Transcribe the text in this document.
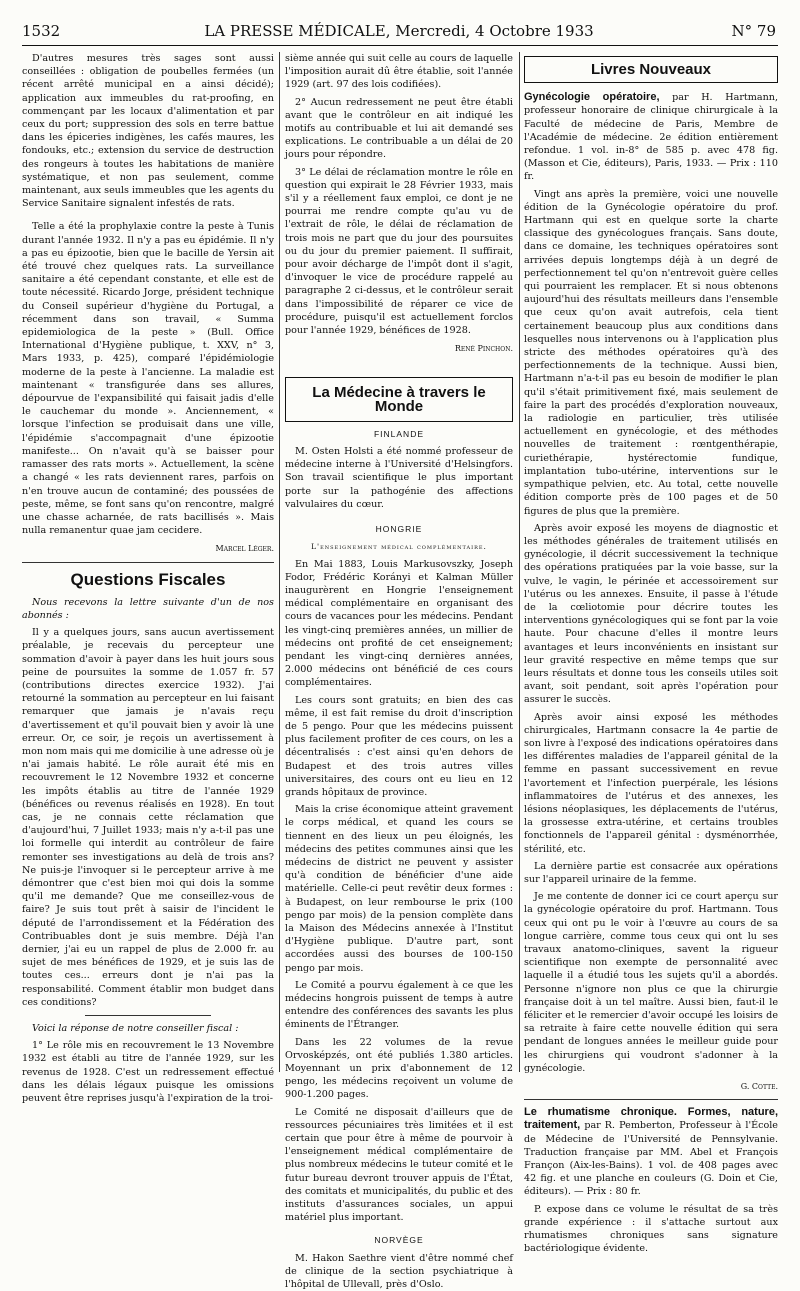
1532	LA PRESSE MÉDICALE, Mercredi, 4 Octobre 1933	N° 79

D'autres mesures très sages sont aussi conseillées : obligation de poubelles fermées (un récent arrêté municipal en a ainsi décidé); application aux immeubles du rat-proofing, en commençant par les locaux d'alimentation et par ceux du port; suppression des sols en terre battue dans les épiceries indigènes, les cafés maures, les fondouks, etc.; extension du service de destruction des rongeurs à toutes les habitations de manière systématique, et non pas seulement, comme maintenant, aux seuls immeubles que les agents du Service Sanitaire signalent infestés de rats.

Telle a été la prophylaxie contre la peste à Tunis durant l'année 1932. Il n'y a pas eu épidémie. Il n'y a pas eu épizootie, bien que le bacille de Yersin ait été trouvé chez quelques rats. La surveillance sanitaire a été cependant constante, et elle est de toute nécessité. Ricardo Jorge, président technique du Conseil supérieur d'hygiène du Portugal, a récemment dans son travail, « Summa epidemiologica de la peste » (Bull. Office International d'Hygiène publique, t. XXV, n° 3, Mars 1933, p. 425), comparé l'épidémiologie moderne de la peste à l'ancienne. La maladie est maintenant « transfigurée dans ses allures, dépourvue de l'expansibilité qui faisait jadis d'elle le cauchemar du monde ». Anciennement, « lorsque l'infection se produisait dans une ville, l'épidémie s'accompagnait d'une épizootie manifeste... On n'avait qu'à se baisser pour ramasser des rats morts ». Actuellement, la scène a changé « les rats deviennent rares, parfois on n'en trouve aucun de contaminé; des poussées de peste, même, se font sans qu'on rencontre, malgré une chasse acharnée, de rats bacillisés ». Mais nulla remanentur quae jam cecidere.

Marcel Léger.
Questions Fiscales

Nous recevons la lettre suivante d'un de nos abonnés :

Il y a quelques jours, sans aucun avertissement préalable, je recevais du percepteur une sommation d'avoir à payer dans les huit jours sous peine de poursuites la somme de 1.057 fr. 57 (contributions directes exercice 1932). J'ai retourné la sommation au percepteur en lui faisant remarquer que jamais je n'avais reçu d'avertissement et qu'il pouvait bien y avoir là une erreur. Or, ce soir, je reçois un avertissement à mon nom mais qui me domicilie à une adresse où je n'ai jamais habité. Le rôle aurait été mis en recouvrement le 12 Novembre 1932 et concerne les impôts établis au titre de l'année 1929 (bénéfices ou revenus réalisés en 1928). En tout cas, je ne connais cette réclamation que d'aujourd'hui, 7 Juillet 1933; mais n'y a-t-il pas une loi formelle qui interdit au contrôleur de faire remonter ses investigations au delà de trois ans? Ne puis-je l'invoquer si le percepteur arrive à me démontrer que c'est bien moi qui dois la somme qu'il me demande? Que me conseillez-vous de faire? Je suis tout prêt à saisir de l'incident le député de l'arrondissement et la Fédération des Contribuables dont je suis membre. Déjà l'an dernier, j'ai eu un rappel de plus de 2.000 fr. au sujet de mes bénéfices de 1929, et je suis las de toutes ces... erreurs dont je n'ai pas la responsabilité. Comment établir mon budget dans ces conditions?

Voici la réponse de notre conseiller fiscal :

1° Le rôle mis en recouvrement le 13 Novembre 1932 est établi au titre de l'année 1929, sur les revenus de 1928. C'est un redressement effectué dans les délais légaux puisque les omissions peuvent être reprises jusqu'à l'expiration de la troi-

sième année qui suit celle au cours de laquelle l'imposition aurait dû être établie, soit l'année 1929 (art. 97 des lois codifiées).

2° Aucun redressement ne peut être établi avant que le contrôleur en ait indiqué les motifs au contribuable et lui ait demandé ses explications. Le contribuable a un délai de 20 jours pour répondre.

3° Le délai de réclamation montre le rôle en question qui expirait le 28 Février 1933, mais s'il y a réellement faux emploi, ce dont je ne pourrai me rendre compte qu'au vu de l'extrait de rôle, le délai de réclamation de trois mois ne part que du jour des poursuites ou du jour du premier paiement. Il suffirait, pour avoir décharge de l'impôt dont il s'agit, d'invoquer le vice de procédure rappelé au paragraphe 2 ci-dessus, et le contrôleur serait dans l'impossibilité de réparer ce vice de procédure, puisqu'il est actuellement forclos pour l'année 1929, bénéfices de 1928.

René Pinchon.
La Médecine à travers le Monde
FINLANDE

M. Osten Holsti a été nommé professeur de médecine interne à l'Université d'Helsingfors. Son travail scientifique le plus important porte sur la pathogénie des affections valvulaires du cœur.

HONGRIE
L'enseignement médical complémentaire.

En Mai 1883, Louis Markusovszky, Joseph Fodor, Frédéric Korányi et Kalman Müller inaugurèrent en Hongrie l'enseignement médical complémentaire en organisant des cours de vacances pour les médecins. Pendant les vingt-cinq premières années, un millier de médecins ont profité de cet enseignement; pendant les vingt-cinq dernières années, 2.000 médecins ont bénéficié de ces cours complémentaires.

Les cours sont gratuits; en bien des cas même, il est fait remise du droit d'inscription de 5 pengo. Pour que les médecins puissent plus facilement profiter de ces cours, on les a décentralisés : c'est ainsi qu'en dehors de Budapest et des trois autres villes universitaires, des cours ont eu lieu en 12 grands hôpitaux de province.

Mais la crise économique atteint gravement le corps médical, et quand les cours se tiennent en des lieux un peu éloignés, les médecins des petites communes ainsi que les médecins de district ne peuvent y assister qu'à condition de bénéficier d'une aide matérielle. Celle-ci peut revêtir deux formes : à Budapest, on leur rembourse le prix (100 pengo par mois) de la pension complète dans la Maison des Médecins annexée à l'Institut d'Hygiène publique. D'autre part, sont accordées aussi des bourses de 100-150 pengo par mois.

Le Comité a pourvu également à ce que les médecins hongrois puissent de temps à autre entendre des conférences des savants les plus éminents de l'Étranger.

Dans les 22 volumes de la revue Orvosképzés, ont été publiés 1.380 articles. Moyennant un prix d'abonnement de 12 pengo, les médecins reçoivent un volume de 900-1.200 pages.

Le Comité ne disposait d'ailleurs que de ressources pécuniaires très limitées et il est certain que pour être à même de pourvoir à l'enseignement médical complémentaire de plus nombreux médecins le tuteur comité et le futur bureau devront trouver appuis de l'État, des comitats et municipalités, du public et des instituts d'assurances sociales, un appui matériel plus important.

NORVÈGE

M. Hakon Saethre vient d'être nommé chef de clinique de la section psychiatrique à l'hôpital de Ullevall, près d'Oslo.

Livres Nouveaux

Gynécologie opératoire, par H. Hartmann, professeur honoraire de clinique chirurgicale à la Faculté de médecine de Paris, Membre de l'Académie de médecine. 2e édition entièrement refondue. 1 vol. in-8° de 585 p. avec 478 fig. (Masson et Cie, éditeurs), Paris, 1933. — Prix : 110 fr.

Vingt ans après la première, voici une nouvelle édition de la Gynécologie opératoire du prof. Hartmann qui est en quelque sorte la charte classique des gynécologues français. Sans doute, dans ce domaine, les techniques opératoires sont arrivées depuis longtemps déjà à un degré de perfectionnement tel qu'on n'entrevoit guère celles qui pourraient les remplacer. Et si nous obtenons aujourd'hui des résultats meilleurs dans l'ensemble que ceux qu'on avait autrefois, cela tient certainement beaucoup plus aux conditions dans lesquelles nous intervenons ou à l'application plus stricte des méthodes opératoires qu'à des perfectionnements de la technique. Aussi bien, Hartmann n'a-t-il pas eu besoin de modifier le plan qu'il s'était primitivement fixé, mais seulement de faire la part des procédés d'exploration nouveaux, la radiologie en particulier, très utilisée actuellement en gynécologie, et des méthodes nouvelles de traitement : rœntgenthérapie, curiethérapie, hystérectomie fundique, implantation tubo-utérine, interventions sur le sympathique pelvien, etc. Au total, cette nouvelle édition comporte près de 100 pages et de 50 figures de plus que la première.

Après avoir exposé les moyens de diagnostic et les méthodes générales de traitement utilisés en gynécologie, il décrit successivement la technique des opérations pratiquées par la voie basse, sur la vulve, le vagin, le périnée et accessoirement sur l'utérus ou les annexes. Ensuite, il passe à l'étude de la cœliotomie pour décrire toutes les interventions gynécologiques qui se font par la voie haute. Pour chacune d'elles il montre leurs avantages et leurs inconvénients en insistant sur leur gravité respective en même temps que sur leurs résultats et donne tous les conseils utiles soit avant, soit pendant, soit après l'opération pour assurer le succès.

Après avoir ainsi exposé les méthodes chirurgicales, Hartmann consacre la 4e partie de son livre à l'exposé des indications opératoires dans les différentes maladies de l'appareil génital de la femme en passant successivement en revue l'avortement et l'infection puerpérale, les lésions inflammatoires de l'utérus et des annexes, les lésions néoplasiques, les déplacements de l'utérus, la grossesse extra-utérine, et certains troubles fonctionnels de l'appareil génital : dysménorrhée, stérilité, etc.

La dernière partie est consacrée aux opérations sur l'appareil urinaire de la femme.

Je me contente de donner ici ce court aperçu sur la gynécologie opératoire du prof. Hartmann. Tous ceux qui ont pu le voir à l'œuvre au cours de sa longue carrière, comme tous ceux qui ont lu ses travaux anatomo-cliniques, savent la rigueur scientifique non exempte de personnalité avec laquelle il a étudié tous les sujets qu'il a abordés. Personne n'ignore non plus ce que la chirurgie française doit à un tel maître. Aussi bien, faut-il le féliciter et le remercier d'avoir occupé les loisirs de sa retraite à faire cette nouvelle édition qui sera pendant de longues années le meilleur guide pour les chirurgiens qui voudront s'adonner à la gynécologie.

G. Cotte.

Le rhumatisme chronique. Formes, nature, traitement, par R. Pemberton, Professeur à l'École de Médecine de l'Université de Pennsylvanie. Traduction française par MM. Abel et François Françon (Aix-les-Bains). 1 vol. de 408 pages avec 42 fig. et une planche en couleurs (G. Doin et Cie, éditeurs). — Prix : 80 fr.

P. expose dans ce volume le résultat de sa très grande expérience : il s'attache surtout aux rhumatismes chroniques sans signature bactériologique évidente.
